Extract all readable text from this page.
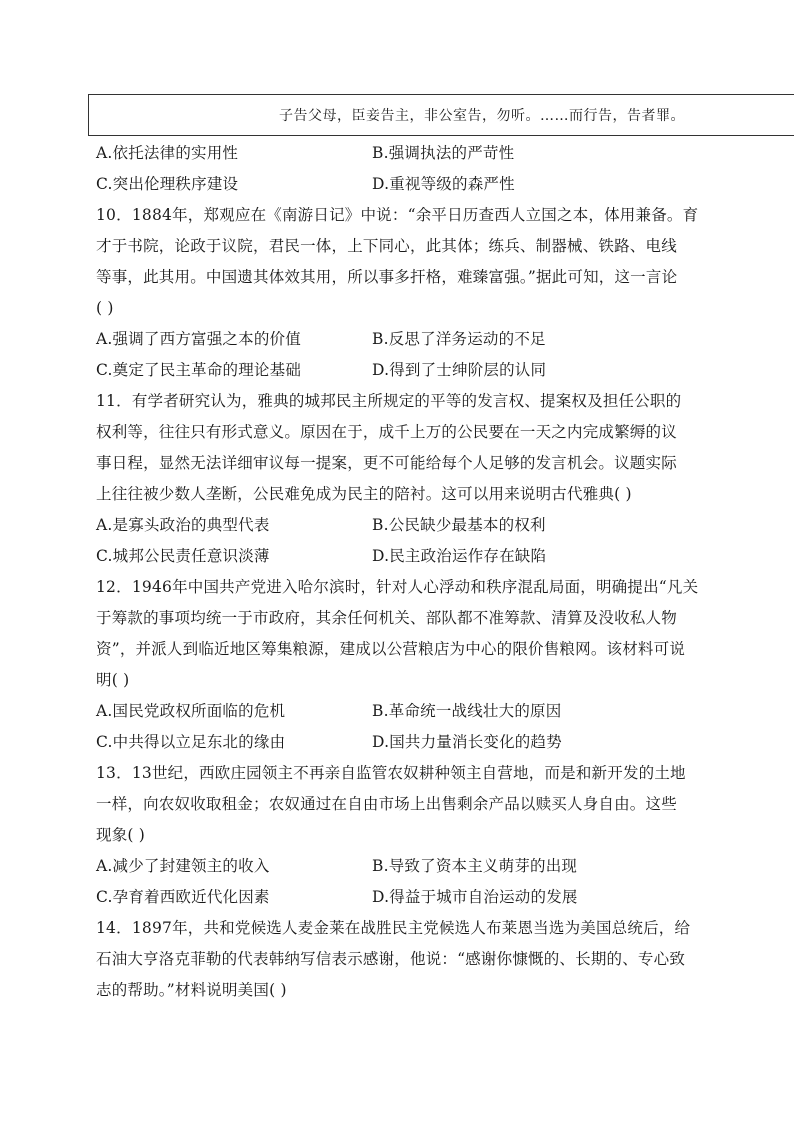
子告父母，臣妾告主，非公室告，勿听。……而行告，告者罪。
A.依托法律的实用性	B.强调执法的严苛性
C.突出伦理秩序建设	D.重视等级的森严性
10．1884年，郑观应在《南游日记》中说：“余平日历查西人立国之本，体用兼备。育
才于书院，论政于议院，君民一体，上下同心，此其体；练兵、制器械、铁路、电线
等事，此其用。中国遗其体效其用，所以事多扞格，难臻富强。”据此可知，这一言论
( )
A.强调了西方富强之本的价值	B.反思了洋务运动的不足
C.奠定了民主革命的理论基础	D.得到了士绅阶层的认同
11．有学者研究认为，雅典的城邦民主所规定的平等的发言权、提案权及担任公职的
权利等，往往只有形式意义。原因在于，成千上万的公民要在一天之内完成繁缛的议
事日程，显然无法详细审议每一提案，更不可能给每个人足够的发言机会。议题实际
上往往被少数人垄断，公民难免成为民主的陪衬。这可以用来说明古代雅典( )
A.是寡头政治的典型代表	B.公民缺少最基本的权利
C.城邦公民责任意识淡薄	D.民主政治运作存在缺陷
12．1946年中国共产党进入哈尔滨时，针对人心浮动和秩序混乱局面，明确提出“凡关
于筹款的事项均统一于市政府，其余任何机关、部队都不准筹款、清算及没收私人物
资”，并派人到临近地区筹集粮源，建成以公营粮店为中心的限价售粮网。该材料可说
明( )
A.国民党政权所面临的危机	B.革命统一战线壮大的原因
C.中共得以立足东北的缘由	D.国共力量消长变化的趋势
13．13世纪，西欧庄园领主不再亲自监管农奴耕种领主自营地，而是和新开发的土地
一样，向农奴收取租金；农奴通过在自由市场上出售剩余产品以赎买人身自由。这些
现象( )
A.减少了封建领主的收入	B.导致了资本主义萌芽的出现
C.孕育着西欧近代化因素	D.得益于城市自治运动的发展
14．1897年，共和党候选人麦金莱在战胜民主党候选人布莱恩当选为美国总统后，给
石油大亨洛克菲勒的代表韩纳写信表示感谢，他说：“感谢你慷慨的、长期的、专心致
志的帮助。”材料说明美国( )
